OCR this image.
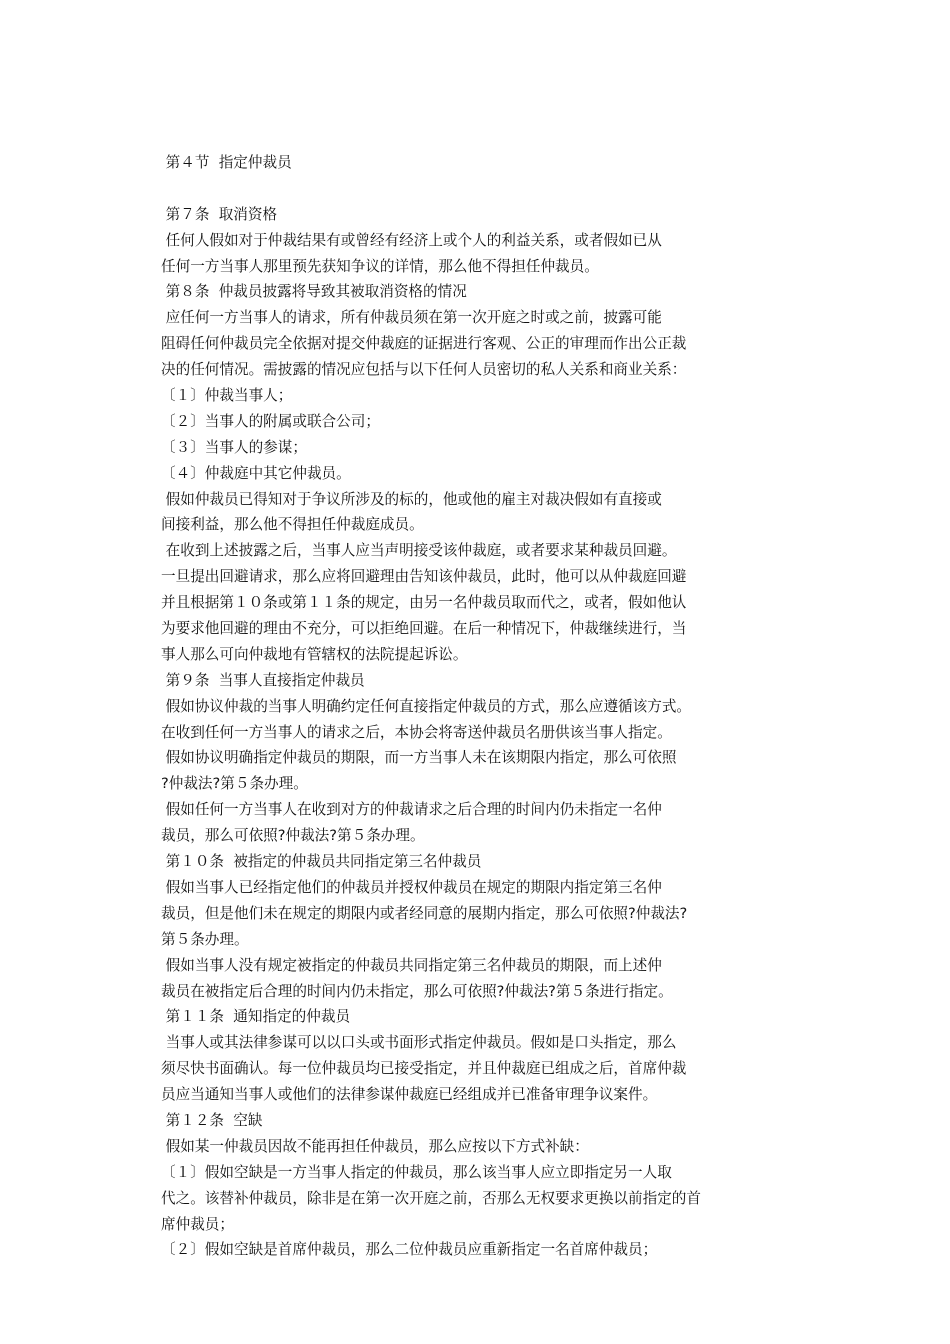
第４节  指定仲裁员
第７条  取消资格
任何人假如对于仲裁结果有或曾经有经济上或个人的利益关系，或者假如已从
任何一方当事人那里预先获知争议的详情，那么他不得担任仲裁员。
第８条  仲裁员披露将导致其被取消资格的情况
应任何一方当事人的请求，所有仲裁员须在第一次开庭之时或之前，披露可能
阻碍任何仲裁员完全依据对提交仲裁庭的证据进行客观、公正的审理而作出公正裁
决的任何情况。需披露的情况应包括与以下任何人员密切的私人关系和商业关系：
〔１〕仲裁当事人；
〔２〕当事人的附属或联合公司；
〔３〕当事人的参谋；
〔４〕仲裁庭中其它仲裁员。
假如仲裁员已得知对于争议所涉及的标的，他或他的雇主对裁决假如有直接或
间接利益，那么他不得担任仲裁庭成员。
在收到上述披露之后，当事人应当声明接受该仲裁庭，或者要求某种裁员回避。
一旦提出回避请求，那么应将回避理由告知该仲裁员，此时，他可以从仲裁庭回避
并且根据第１０条或第１１条的规定，由另一名仲裁员取而代之，或者，假如他认
为要求他回避的理由不充分，可以拒绝回避。在后一种情况下，仲裁继续进行，当
事人那么可向仲裁地有管辖权的法院提起诉讼。
第９条  当事人直接指定仲裁员
假如协议仲裁的当事人明确约定任何直接指定仲裁员的方式，那么应遵循该方式。
在收到任何一方当事人的请求之后，本协会将寄送仲裁员名册供该当事人指定。
假如协议明确指定仲裁员的期限，而一方当事人未在该期限内指定，那么可依照
?仲裁法?第５条办理。
假如任何一方当事人在收到对方的仲裁请求之后合理的时间内仍未指定一名仲
裁员，那么可依照?仲裁法?第５条办理。
第１０条  被指定的仲裁员共同指定第三名仲裁员
假如当事人已经指定他们的仲裁员并授权仲裁员在规定的期限内指定第三名仲
裁员，但是他们未在规定的期限内或者经同意的展期内指定，那么可依照?仲裁法?
第５条办理。
假如当事人没有规定被指定的仲裁员共同指定第三名仲裁员的期限，而上述仲
裁员在被指定后合理的时间内仍未指定，那么可依照?仲裁法?第５条进行指定。
第１１条  通知指定的仲裁员
当事人或其法律参谋可以以口头或书面形式指定仲裁员。假如是口头指定，那么
须尽快书面确认。每一位仲裁员均已接受指定，并且仲裁庭已组成之后，首席仲裁
员应当通知当事人或他们的法律参谋仲裁庭已经组成并已准备审理争议案件。
第１２条  空缺
假如某一仲裁员因故不能再担任仲裁员，那么应按以下方式补缺：
〔１〕假如空缺是一方当事人指定的仲裁员，那么该当事人应立即指定另一人取
代之。该替补仲裁员，除非是在第一次开庭之前，否那么无权要求更换以前指定的首
席仲裁员；
〔２〕假如空缺是首席仲裁员，那么二位仲裁员应重新指定一名首席仲裁员；
